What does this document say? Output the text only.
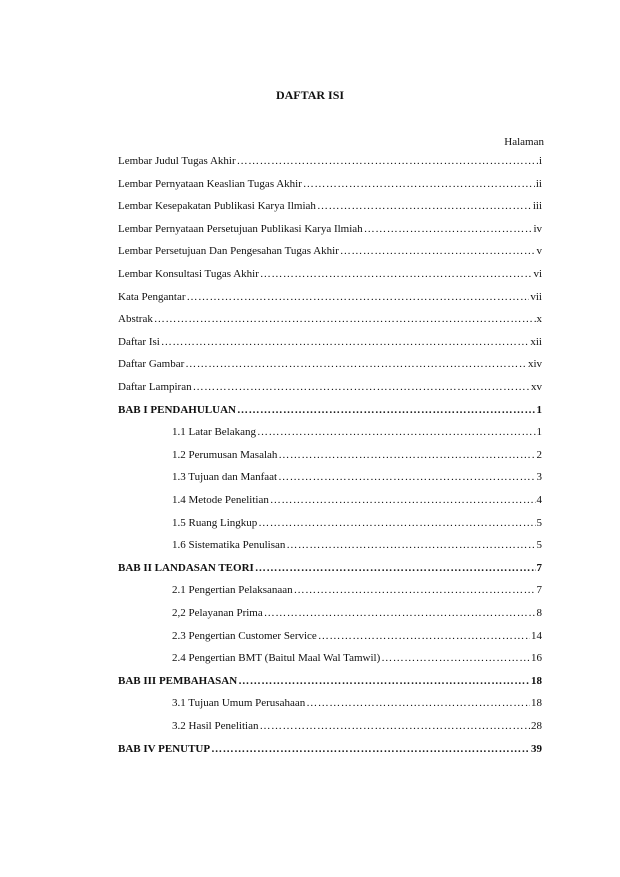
DAFTAR ISI
Halaman
Lembar Judul Tugas Akhir ………………………………………………………………………………………………………………………………………	i
Lembar Pernyataan Keaslian Tugas Akhir ………………………………………………………………………………………………………………………………………	ii
Lembar Kesepakatan Publikasi Karya Ilmiah ………………………………………………………………………………………………………………………………………	iii
Lembar Pernyataan Persetujuan Publikasi Karya Ilmiah ………………………………………………………………………………………………………………………………………	iv
Lembar Persetujuan Dan Pengesahan Tugas Akhir ………………………………………………………………………………………………………………………………………	v
Lembar Konsultasi Tugas Akhir ………………………………………………………………………………………………………………………………………	vi
Kata Pengantar ………………………………………………………………………………………………………………………………………	vii
Abstrak ………………………………………………………………………………………………………………………………………	x
Daftar Isi ………………………………………………………………………………………………………………………………………	xii
Daftar Gambar ………………………………………………………………………………………………………………………………………	xiv
Daftar Lampiran ………………………………………………………………………………………………………………………………………	xv
BAB I PENDAHULUAN ………………………………………………………………………………………………………………………………………	1
1.1 Latar Belakang ………………………………………………………………………………………………………………………………………	1
1.2 Perumusan Masalah ………………………………………………………………………………………………………………………………………	2
1.3 Tujuan dan Manfaat ………………………………………………………………………………………………………………………………………	3
1.4 Metode Penelitian ………………………………………………………………………………………………………………………………………	4
1.5 Ruang Lingkup ………………………………………………………………………………………………………………………………………	5
1.6 Sistematika Penulisan ………………………………………………………………………………………………………………………………………	5
BAB II LANDASAN TEORI ………………………………………………………………………………………………………………………………………	7
2.1 Pengertian Pelaksanaan ………………………………………………………………………………………………………………………………………	7
2,2 Pelayanan Prima ………………………………………………………………………………………………………………………………………	8
2.3 Pengertian Customer Service ………………………………………………………………………………………………………………………………………	14
2.4 Pengertian BMT (Baitul Maal Wal Tamwil) ………………………………………………………………………………………………………………………………………	16
BAB III PEMBAHASAN ………………………………………………………………………………………………………………………………………	18
3.1 Tujuan Umum Perusahaan ………………………………………………………………………………………………………………………………………	18
3.2 Hasil Penelitian ………………………………………………………………………………………………………………………………………	28
BAB IV PENUTUP ………………………………………………………………………………………………………………………………………	39
